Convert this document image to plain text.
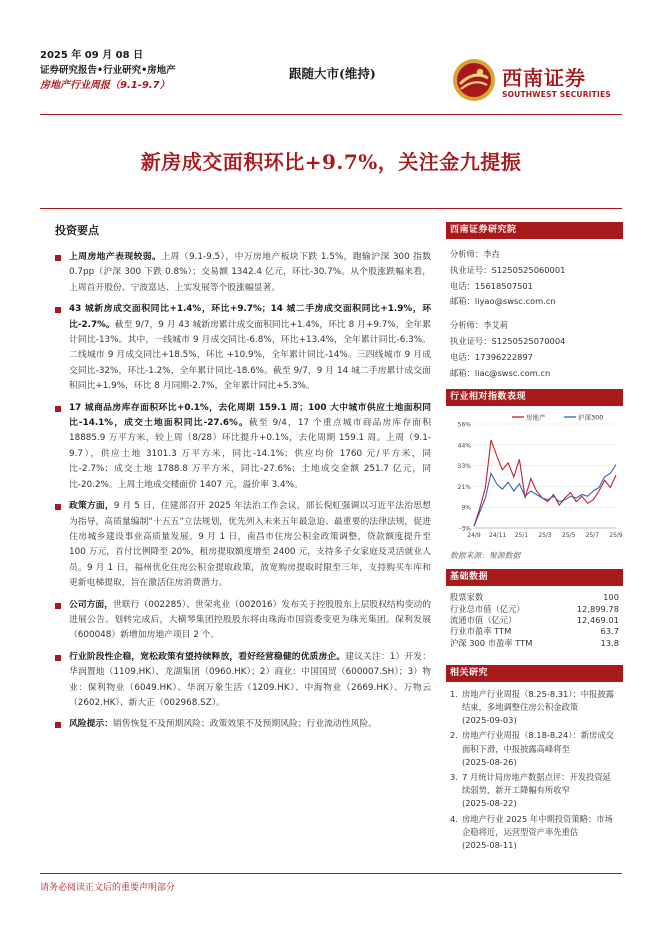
2025 年 09 月 08 日
证券研究报告•行业研究•房地产
房地产行业周报（9.1-9.7）
跟随大市(维持)	西南证券
SOUTHWEST SECURITIES
新房成交面积环比+9.7%，关注金九提振
投资要点
上周房地产表现较弱。上周（9.1-9.5），中万房地产板块下跌 1.5%，跑输沪深 300 指数 0.7pp（沪深 300 下跌 0.8%）；交易额 1342.4 亿元，环比-30.7%。从个股涨跌幅来看，上周首开股份、宁波富达、上实发展等个股涨幅显著。
43 城新房成交面积同比+1.4%，环比+9.7%；14 城二手房成交面积同比+1.9%，环比-2.7%。截至 9/7，9 月 43 城新房累计成交面积同比+1.4%，环比 8 月+9.7%，全年累计同比-13%。其中，一线城市 9 月成交同比-6.8%，环比+13.4%，全年累计同比-6.3%。二线城市 9 月成交同比+18.5%，环比 +10.9%，全年累计同比-14%。三四线城市 9 月成交同比-32%，环比-1.2%，全年累计同比-18.6%。截至 9/7，9 月 14 城二手房累计成交面积同比+1.9%，环比 8 月同期-2.7%，全年累计同比+5.3%。
17 城商品房库存面积环比+0.1%，去化周期 159.1 周；100 大中城市供应土地面积同比-14.1%，成交土地面积同比-27.6%。截至 9/4，17 个重点城市商品房库存面积 18885.9 万平方米，较上周（8/28）环比提升+0.1%，去化周期 159.1 周。上周（9.1-9.7），供应土地 3101.3 万平方米，同比-14.1%；供应均价 1760 元/平方米，同比-2.7%；成交土地 1788.8 万平方米，同比-27.6%；土地成交金额 251.7 亿元，同比-20.2%。上周土地成交楼面价 1407 元，溢价率 3.4%。
政策方面，9 月 5 日，住建部召开 2025 年法治工作会议，部长倪虹强调以习近平法治思想为指导，高质量编制“十五五”立法规划，优先列入未来五年最急迫、最重要的法律法规，促进住房城乡建设事业高质量发展。9 月 1 日，南昌市住房公积金政策调整，贷款额度提升至 100 万元，首付比例降至 20%，租房提取额度增至 2400 元，支持多子女家庭及灵活就业人员。9 月 1 日，福州优化住房公积金提取政策，放宽购房提取时限至三年，支持购买车库和更新电梯提取，旨在激活住房消费潜力。
公司方面，世联行（002285）、世荣兆业（002016）发布关于控股股东上层股权结构变动的进展公告。划转完成后，大横琴集团控股股东将由珠海市国资委变更为珠光集团。保利发展（600048）新增加房地产项目 2 个。
行业阶段性企稳，宽松政策有望持续释放，看好经营稳健的优质房企。建议关注：1）开发：华润置地（1109.HK）、龙湖集团（0960.HK）；2）商业：中国国贸（600007.SH）；3）物业：保利物业（6049.HK）、华润万象生活（1209.HK）、中海物业（2669.HK）、万物云（2602.HK）、新大正（002968.SZ）。
风险提示：销售恢复不及预期风险；政策效果不及预期风险；行业流动性风险。
西南证券研究院
分析师：李垚
执业证号：S1250525060001
电话：15618507501
邮箱：liyao@swsc.com.cn
分析师：李艾莉
执业证号：S1250525070004
电话：17396222897
邮箱：liac@swsc.com.cn
行业相对指数表现
56%
44%
33%
21%
9%
-3%
24/9 24/11 25/1 25/3 25/5 25/7 25/9
房地产	沪深300
数据来源：聚源数据
基础数据
股票家数	100
行业总市值（亿元）	12,899.78
流通市值（亿元）	12,469.01
行业市盈率 TTM	63.7
沪深 300 市盈率 TTM	13.8
相关研究
1. 房地产行业周报（8.25-8.31）：中报披露结束，多地调整住房公积金政策
(2025-09-03)
2. 房地产行业周报（8.18-8.24）：新房成交面积下滑，中报披露高峰将至
(2025-08-26)
3. 7 月统计局房地产数据点评：开发投资延续弱势，新开工降幅有所收窄
(2025-08-22)
4. 房地产行业 2025 年中期投资策略：市场企稳将近，运营型资产率先重估
(2025-08-11)
请务必阅读正文后的重要声明部分
